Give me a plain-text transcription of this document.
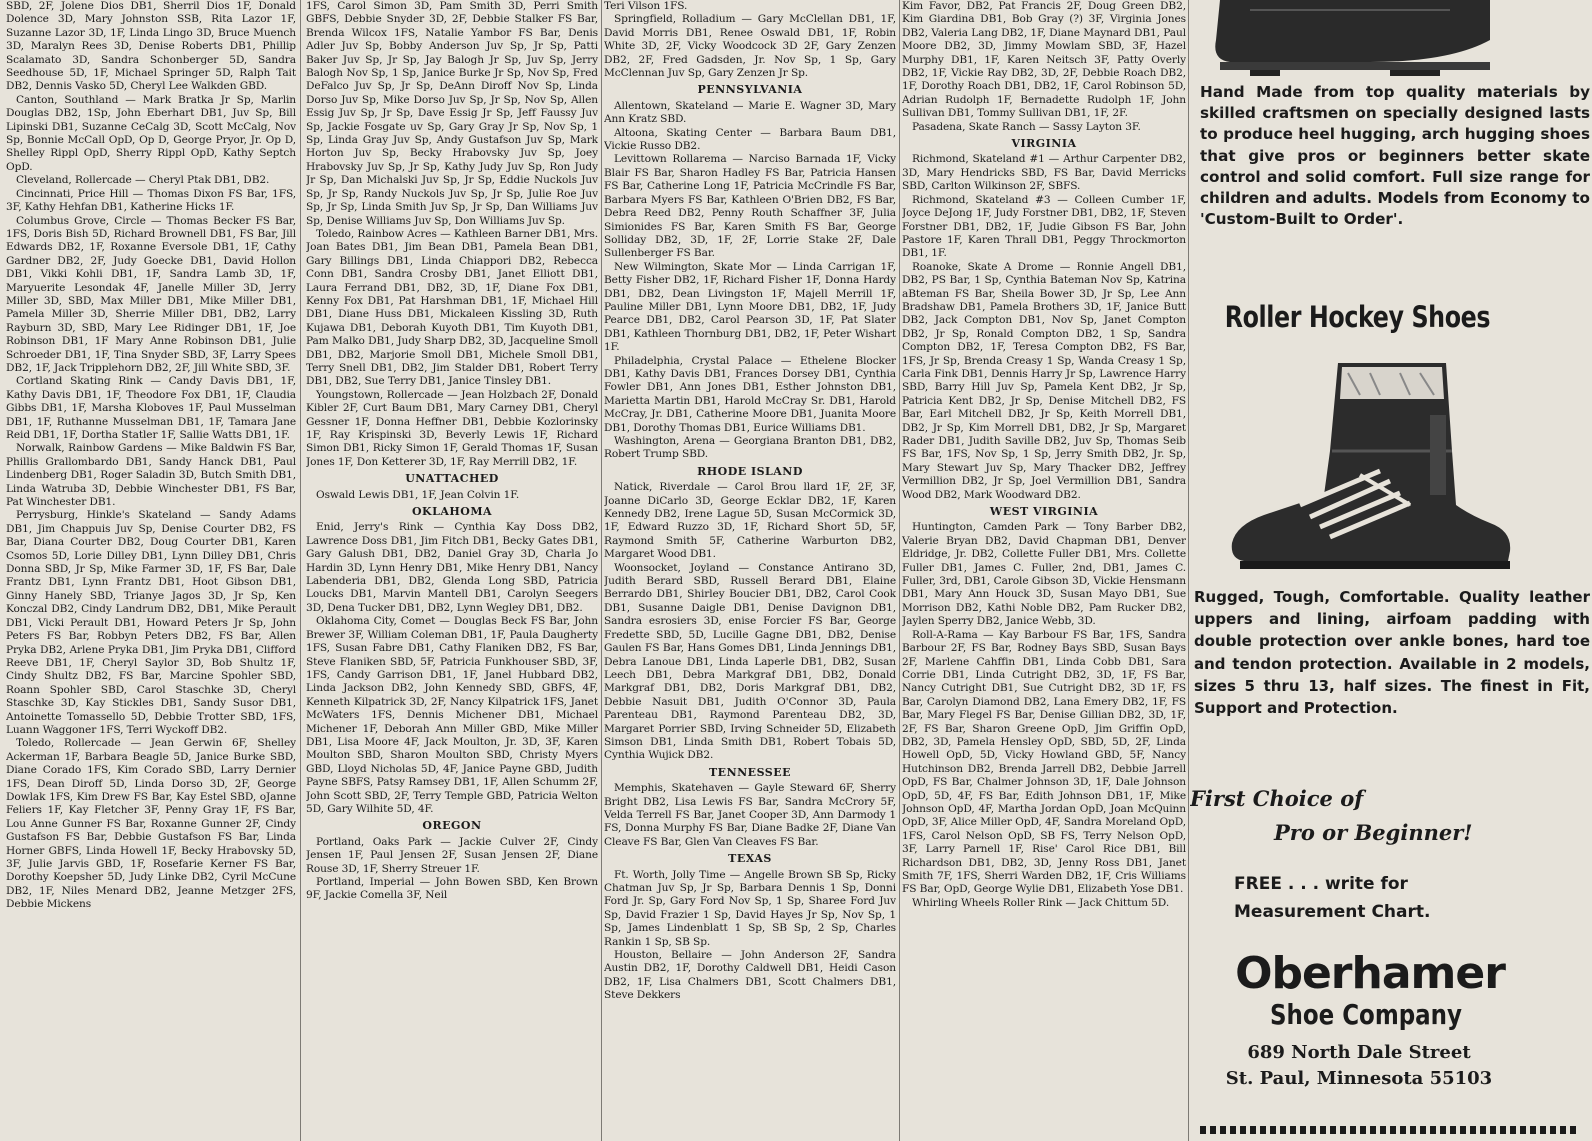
SBD, 2F, Jolene Dios DB1, Sherril Dios 1F, Donald Dolence 3D, Mary Johnston SSB, Rita Lazor 1F, Suzanne Lazor 3D, 1F, Linda Lingo 3D, Bruce Muench 3D, Maralyn Rees 3D, Denise Roberts DB1, Phillip Scalamato 3D, Sandra Schonberger 5D, Sandra Seedhouse 5D, 1F, Michael Springer 5D, Ralph Tait DB2, Dennis Vasko 5D, Cheryl Lee Walkden GBD.

Canton, Southland — Mark Bratka Jr Sp, Marlin Douglas DB2, 1Sp, John Eberhart DB1, Juv Sp, Bill Lipinski DB1, Suzanne CeCalg 3D, Scott McCalg, Nov Sp, Bonnie McCall OpD, Op D, George Pryor, Jr. Op D, Shelley Rippl OpD, Sherry Rippl OpD, Kathy Septch OpD.

Cleveland, Rollercade — Cheryl Ptak DB1, DB2.

Cincinnati, Price Hill — Thomas Dixon FS Bar, 1FS, 3F, Kathy Hehfan DB1, Katherine Hicks 1F.

Columbus Grove, Circle — Thomas Becker FS Bar, 1FS, Doris Bish 5D, Richard Brownell DB1, FS Bar, Jill Edwards DB2, 1F, Roxanne Eversole DB1, 1F, Cathy Gardner DB2, 2F, Judy Goecke DB1, David Hollon DB1, Vikki Kohli DB1, 1F, Sandra Lamb 3D, 1F, Maryuerite Lesondak 4F, Janelle Miller 3D, Jerry Miller 3D, SBD, Max Miller DB1, Mike Miller DB1, Pamela Miller 3D, Sherrie Miller DB1, DB2, Larry Rayburn 3D, SBD, Mary Lee Ridinger DB1, 1F, Joe Robinson DB1, 1F Mary Anne Robinson DB1, Julie Schroeder DB1, 1F, Tina Snyder SBD, 3F, Larry Spees DB2, 1F, Jack Tripplehorn DB2, 2F, Jill White SBD, 3F.

Cortland Skating Rink — Candy Davis DB1, 1F, Kathy Davis DB1, 1F, Theodore Fox DB1, 1F, Claudia Gibbs DB1, 1F, Marsha Kloboves 1F, Paul Musselman DB1, 1F, Ruthanne Musselman DB1, 1F, Tamara Jane Reid DB1, 1F, Dortha Statler 1F, Sallie Watts DB1, 1F.

Norwalk, Rainbow Gardens — Mike Baldwin FS Bar, Phillis Grallombardo DB1, Sandy Hanck DB1, Paul Lindenberg DB1, Roger Saladin 3D, Butch Smith DB1, Linda Watruba 3D, Debbie Winchester DB1, FS Bar, Pat Winchester DB1.

Perrysburg, Hinkle's Skateland — Sandy Adams DB1, Jim Chappuis Juv Sp, Denise Courter DB2, FS Bar, Diana Courter DB2, Doug Courter DB1, Karen Csomos 5D, Lorie Dilley DB1, Lynn Dilley DB1, Chris Donna SBD, Jr Sp, Mike Farmer 3D, 1F, FS Bar, Dale Frantz DB1, Lynn Frantz DB1, Hoot Gibson DB1, Ginny Hanely SBD, Trianye Jagos 3D, Jr Sp, Ken Konczal DB2, Cindy Landrum DB2, DB1, Mike Perault DB1, Vicki Perault DB1, Howard Peters Jr Sp, John Peters FS Bar, Robbyn Peters DB2, FS Bar, Allen Pryka DB2, Arlene Pryka DB1, Jim Pryka DB1, Clifford Reeve DB1, 1F, Cheryl Saylor 3D, Bob Shultz 1F, Cindy Shultz DB2, FS Bar, Marcine Spohler SBD, Roann Spohler SBD, Carol Staschke 3D, Cheryl Staschke 3D, Kay Stickles DB1, Sandy Susor DB1, Antoinette Tomassello 5D, Debbie Trotter SBD, 1FS, Luann Waggoner 1FS, Terri Wyckoff DB2.

Toledo, Rollercade — Jean Gerwin 6F, Shelley Ackerman 1F, Barbara Beagle 5D, Janice Burke SBD, Diane Corado 1FS, Kim Corado SBD, Larry Dernier 1FS, Dean Diroff 5D, Linda Dorso 3D, 2F, George Dowlak 1FS, Kim Drew FS Bar, Kay Estel SBD, oJanne Feliers 1F, Kay Fletcher 3F, Penny Gray 1F, FS Bar, Lou Anne Gunner FS Bar, Roxanne Gunner 2F, Cindy Gustafson FS Bar, Debbie Gustafson FS Bar, Linda Horner GBFS, Linda Howell 1F, Becky Hrabovsky 5D, 3F, Julie Jarvis GBD, 1F, Rosefarie Kerner FS Bar, Dorothy Koepsher 5D, Judy Linke DB2, Cyril McCune DB2, 1F, Niles Menard DB2, Jeanne Metzger 2FS, Debbie Mickens

1FS, Carol Simon 3D, Pam Smith 3D, Perri Smith GBFS, Debbie Snyder 3D, 2F, Debbie Stalker FS Bar, Brenda Wilcox 1FS, Natalie Yambor FS Bar, Denis Adler Juv Sp, Bobby Anderson Juv Sp, Jr Sp, Patti Baker Juv Sp, Jr Sp, Jay Balogh Jr Sp, Juv Sp, Jerry Balogh Nov Sp, 1 Sp, Janice Burke Jr Sp, Nov Sp, Fred DeFalco Juv Sp, Jr Sp, DeAnn Diroff Nov Sp, Linda Dorso Juv Sp, Mike Dorso Juv Sp, Jr Sp, Nov Sp, Allen Essig Juv Sp, Jr Sp, Dave Essig Jr Sp, Jeff Faussy Juv Sp, Jackie Fosgate uv Sp, Gary Gray Jr Sp, Nov Sp, 1 Sp, Linda Gray Juv Sp, Andy Gustafson Juv Sp, Mark Horton Juv Sp, Becky Hrabovsky Juv Sp, Joey Hrabovsky Juv Sp, Jr Sp, Kathy Judy Juv Sp, Ron Judy Jr Sp, Dan Michalski Juv Sp, Jr Sp, Eddie Nuckols Juv Sp, Jr Sp, Randy Nuckols Juv Sp, Jr Sp, Julie Roe Juv Sp, Jr Sp, Linda Smith Juv Sp, Jr Sp, Dan Williams Juv Sp, Denise Williams Juv Sp, Don Williams Juv Sp.

Toledo, Rainbow Acres — Kathleen Barner DB1, Mrs. Joan Bates DB1, Jim Bean DB1, Pamela Bean DB1, Gary Billings DB1, Linda Chiappori DB2, Rebecca Conn DB1, Sandra Crosby DB1, Janet Elliott DB1, Laura Ferrand DB1, DB2, 3D, 1F, Diane Fox DB1, Kenny Fox DB1, Pat Harshman DB1, 1F, Michael Hill DB1, Diane Huss DB1, Mickaleen Kissling 3D, Ruth Kujawa DB1, Deborah Kuyoth DB1, Tim Kuyoth DB1, Pam Malko DB1, Judy Sharp DB2, 3D, Jacqueline Smoll DB1, DB2, Marjorie Smoll DB1, Michele Smoll DB1, Terry Snell DB1, DB2, Jim Stalder DB1, Robert Terry DB1, DB2, Sue Terry DB1, Janice Tinsley DB1.

Youngstown, Rollercade — Jean Holzbach 2F, Donald Kibler 2F, Curt Baum DB1, Mary Carney DB1, Cheryl Gessner 1F, Donna Heffner DB1, Debbie Kozlorinsky 1F, Ray Krispinski 3D, Beverly Lewis 1F, Richard Simon DB1, Ricky Simon 1F, Gerald Thomas 1F, Susan Jones 1F, Don Ketterer 3D, 1F, Ray Merrill DB2, 1F.

UNATTACHED

Oswald Lewis DB1, 1F, Jean Colvin 1F.

OKLAHOMA

Enid, Jerry's Rink — Cynthia Kay Doss DB2, Lawrence Doss DB1, Jim Fitch DB1, Becky Gates DB1, Gary Galush DB1, DB2, Daniel Gray 3D, Charla Jo Hardin 3D, Lynn Henry DB1, Mike Henry DB1, Nancy Labenderia DB1, DB2, Glenda Long SBD, Patricia Loucks DB1, Marvin Mantell DB1, Carolyn Seegers 3D, Dena Tucker DB1, DB2, Lynn Wegley DB1, DB2.

Oklahoma City, Comet — Douglas Beck FS Bar, John Brewer 3F, William Coleman DB1, 1F, Paula Daugherty 1FS, Susan Fabre DB1, Cathy Flaniken DB2, FS Bar, Steve Flaniken SBD, 5F, Patricia Funkhouser SBD, 3F, 1FS, Candy Garrison DB1, 1F, Janel Hubbard DB2, Linda Jackson DB2, John Kennedy SBD, GBFS, 4F, Kenneth Kilpatrick 3D, 2F, Nancy Kilpatrick 1FS, Janet McWaters 1FS, Dennis Michener DB1, Michael Michener 1F, Deborah Ann Miller GBD, Mike Miller DB1, Lisa Moore 4F, Jack Moulton, Jr. 3D, 3F, Karen Moulton SBD, Sharon Moulton SBD, Christy Myers GBD, Lloyd Nicholas 5D, 4F, Janice Payne GBD, Judith Payne SBFS, Patsy Ramsey DB1, 1F, Allen Schumm 2F, John Scott SBD, 2F, Terry Temple GBD, Patricia Welton 5D, Gary Wilhite 5D, 4F.

OREGON

Portland, Oaks Park — Jackie Culver 2F, Cindy Jensen 1F, Paul Jensen 2F, Susan Jensen 2F, Diane Rouse 3D, 1F, Sherry Streuer 1F.

Portland, Imperial — John Bowen SBD, Ken Brown 9F, Jackie Comella 3F, Neil

Teri Vilson 1FS.

Springfield, Rolladium — Gary McClellan DB1, 1F, David Morris DB1, Renee Oswald DB1, 1F, Robin White 3D, 2F, Vicky Woodcock 3D 2F, Gary Zenzen DB2, 2F, Fred Gadsden, Jr. Nov Sp, 1 Sp, Gary McClennan Juv Sp, Gary Zenzen Jr Sp.

PENNSYLVANIA

Allentown, Skateland — Marie E. Wagner 3D, Mary Ann Kratz SBD.

Altoona, Skating Center — Barbara Baum DB1, Vickie Russo DB2.

Levittown Rollarema — Narciso Barnada 1F, Vicky Blair FS Bar, Sharon Hadley FS Bar, Patricia Hansen FS Bar, Catherine Long 1F, Patricia McCrindle FS Bar, Barbara Myers FS Bar, Kathleen O'Brien DB2, FS Bar, Debra Reed DB2, Penny Routh Schaffner 3F, Julia Simionides FS Bar, Karen Smith FS Bar, George Solliday DB2, 3D, 1F, 2F, Lorrie Stake 2F, Dale Sullenberger FS Bar.

New Wilmington, Skate Mor — Linda Carrigan 1F, Betty Fisher DB2, 1F, Richard Fisher 1F, Donna Hardy DB1, DB2, Dean Livingston 1F, Majell Merrill 1F, Pauline Miller DB1, Lynn Moore DB1, DB2, 1F, Judy Pearce DB1, DB2, Carol Pearson 3D, 1F, Pat Slater DB1, Kathleen Thornburg DB1, DB2, 1F, Peter Wishart 1F.

Philadelphia, Crystal Palace — Ethelene Blocker DB1, Kathy Davis DB1, Frances Dorsey DB1, Cynthia Fowler DB1, Ann Jones DB1, Esther Johnston DB1, Marietta Martin DB1, Harold McCray Sr. DB1, Harold McCray, Jr. DB1, Catherine Moore DB1, Juanita Moore DB1, Dorothy Thomas DB1, Eurice Williams DB1.

Washington, Arena — Georgiana Branton DB1, DB2, Robert Trump SBD.

RHODE ISLAND

Natick, Riverdale — Carol Brou llard 1F, 2F, 3F, Joanne DiCarlo 3D, George Ecklar DB2, 1F, Karen Kennedy DB2, Irene Lague 5D, Susan McCormick 3D, 1F, Edward Ruzzo 3D, 1F, Richard Short 5D, 5F, Raymond Smith 5F, Catherine Warburton DB2, Margaret Wood DB1.

Woonsocket, Joyland — Constance Antirano 3D, Judith Berard SBD, Russell Berard DB1, Elaine Berrardo DB1, Shirley Boucier DB1, DB2, Carol Cook DB1, Susanne Daigle DB1, Denise Davignon DB1, Sandra esrosiers 3D, enise Forcier FS Bar, George Fredette SBD, 5D, Lucille Gagne DB1, DB2, Denise Gaulen FS Bar, Hans Gomes DB1, Linda Jennings DB1, Debra Lanoue DB1, Linda Laperle DB1, DB2, Susan Leech DB1, Debra Markgraf DB1, DB2, Donald Markgraf DB1, DB2, Doris Markgraf DB1, DB2, Debbie Nasuit DB1, Judith O'Connor 3D, Paula Parenteau DB1, Raymond Parenteau DB2, 3D, Margaret Porrier SBD, Irving Schneider 5D, Elizabeth Simson DB1, Linda Smith DB1, Robert Tobais 5D, Cynthia Wujick DB2.

TENNESSEE

Memphis, Skatehaven — Gayle Steward 6F, Sherry Bright DB2, Lisa Lewis FS Bar, Sandra McCrory 5F, Velda Terrell FS Bar, Janet Cooper 3D, Ann Darmody 1 FS, Donna Murphy FS Bar, Diane Badke 2F, Diane Van Cleave FS Bar, Glen Van Cleaves FS Bar.

TEXAS

Ft. Worth, Jolly Time — Angelle Brown SB Sp, Ricky Chatman Juv Sp, Jr Sp, Barbara Dennis 1 Sp, Donni Ford Jr. Sp, Gary Ford Nov Sp, 1 Sp, Sharee Ford Juv Sp, David Frazier 1 Sp, David Hayes Jr Sp, Nov Sp, 1 Sp, James Lindenblatt 1 Sp, SB Sp, 2 Sp, Charles Rankin 1 Sp, SB Sp.

Houston, Bellaire — John Anderson 2F, Sandra Austin DB2, 1F, Dorothy Caldwell DB1, Heidi Cason DB2, 1F, Lisa Chalmers DB1, Scott Chalmers DB1, Steve Dekkers

Kim Favor, DB2, Pat Francis 2F, Doug Green DB2, Kim Giardina DB1, Bob Gray (?) 3F, Virginia Jones DB2, Valeria Lang DB2, 1F, Diane Maynard DB1, Paul Moore DB2, 3D, Jimmy Mowlam SBD, 3F, Hazel Murphy DB1, 1F, Karen Neitsch 3F, Patty Overly DB2, 1F, Vickie Ray DB2, 3D, 2F, Debbie Roach DB2, 1F, Dorothy Roach DB1, DB2, 1F, Carol Robinson 5D, Adrian Rudolph 1F, Bernadette Rudolph 1F, John Sullivan DB1, Tommy Sullivan DB1, 1F, 2F.

Pasadena, Skate Ranch — Sassy Layton 3F.

VIRGINIA

Richmond, Skateland #1 — Arthur Carpenter DB2, 3D, Mary Hendricks SBD, FS Bar, David Merricks SBD, Carlton Wilkinson 2F, SBFS.

Richmond, Skateland #3 — Colleen Cumber 1F, Joyce DeJong 1F, Judy Forstner DB1, DB2, 1F, Steven Forstner DB1, DB2, 1F, Judie Gibson FS Bar, John Pastore 1F, Karen Thrall DB1, Peggy Throckmorton DB1, 1F.

Roanoke, Skate A Drome — Ronnie Angell DB1, DB2, PS Bar, 1 Sp, Cynthia Bateman Nov Sp, Katrina aBteman FS Bar, Sheila Bower 3D, Jr Sp, Lee Ann Bradshaw DB1, Pamela Brothers 3D, 1F, Janice Butt DB2, Jack Compton DB1, Nov Sp, Janet Compton DB2, Jr Sp, Ronald Compton DB2, 1 Sp, Sandra Compton DB2, 1F, Teresa Compton DB2, FS Bar, 1FS, Jr Sp, Brenda Creasy 1 Sp, Wanda Creasy 1 Sp, Carla Fink DB1, Dennis Harry Jr Sp, Lawrence Harry SBD, Barry Hill Juv Sp, Pamela Kent DB2, Jr Sp, Patricia Kent DB2, Jr Sp, Denise Mitchell DB2, FS Bar, Earl Mitchell DB2, Jr Sp, Keith Morrell DB1, DB2, Jr Sp, Kim Morrell DB1, DB2, Jr Sp, Margaret Rader DB1, Judith Saville DB2, Juv Sp, Thomas Seib FS Bar, 1FS, Nov Sp, 1 Sp, Jerry Smith DB2, Jr. Sp, Mary Stewart Juv Sp, Mary Thacker DB2, Jeffrey Vermillion DB2, Jr Sp, Joel Vermillion DB1, Sandra Wood DB2, Mark Woodward DB2.

WEST VIRGINIA

Huntington, Camden Park — Tony Barber DB2, Valerie Bryan DB2, David Chapman DB1, Denver Eldridge, Jr. DB2, Collette Fuller DB1, Mrs. Collette Fuller DB1, James C. Fuller, 2nd, DB1, James C. Fuller, 3rd, DB1, Carole Gibson 3D, Vickie Hensmann DB1, Mary Ann Houck 3D, Susan Mayo DB1, Sue Morrison DB2, Kathi Noble DB2, Pam Rucker DB2, Jaylen Sperry DB2, Janice Webb, 3D.

Roll-A-Rama — Kay Barbour FS Bar, 1FS, Sandra Barbour 2F, FS Bar, Rodney Bays SBD, Susan Bays 2F, Marlene Cahffin DB1, Linda Cobb DB1, Sara Corrie DB1, Linda Cutright DB2, 3D, 1F, FS Bar, Nancy Cutright DB1, Sue Cutright DB2, 3D 1F, FS Bar, Carolyn Diamond DB2, Lana Emery DB2, 1F, FS Bar, Mary Flegel FS Bar, Denise Gillian DB2, 3D, 1F, 2F, FS Bar, Sharon Greene OpD, Jim Griffin OpD, DB2, 3D, Pamela Hensley OpD, SBD, 5D, 2F, Linda Howell OpD, 5D, Vicky Howland GBD, 5F, Nancy Hutchinson DB2, Brenda Jarrell DB2, Debbie Jarrell OpD, FS Bar, Chalmer Johnson 3D, 1F, Dale Johnson OpD, 5D, 4F, FS Bar, Edith Johnson DB1, 1F, Mike Johnson OpD, 4F, Martha Jordan OpD, Joan McQuinn OpD, 3F, Alice Miller OpD, 4F, Sandra Moreland OpD, 1FS, Carol Nelson OpD, SB FS, Terry Nelson OpD, 3F, Larry Parnell 1F, Rise' Carol Rice DB1, Bill Richardson DB1, DB2, 3D, Jenny Ross DB1, Janet Smith 7F, 1FS, Sherri Warden DB2, 1F, Cris Williams FS Bar, OpD, George Wylie DB1, Elizabeth Yose DB1.

Whirling Wheels Roller Rink — Jack Chittum 5D.

Hand Made from top quality materials by skilled craftsmen on specially designed lasts to produce heel hugging, arch hugging shoes that give pros or beginners better skate control and solid comfort. Full size range for children and adults. Models from Economy to 'Custom-Built to Order'.
Roller Hockey Shoes
Rugged, Tough, Comfortable. Quality leather uppers and lining, airfoam padding with double protection over ankle bones, hard toe and tendon protection. Available in 2 models, sizes 5 thru 13, half sizes. The finest in Fit, Support and Protection.
First Choice of
Pro or Beginner!
FREE . . . write for
Measurement Chart.
Oberhamer
Shoe Company
689 North Dale Street
St. Paul, Minnesota 55103
